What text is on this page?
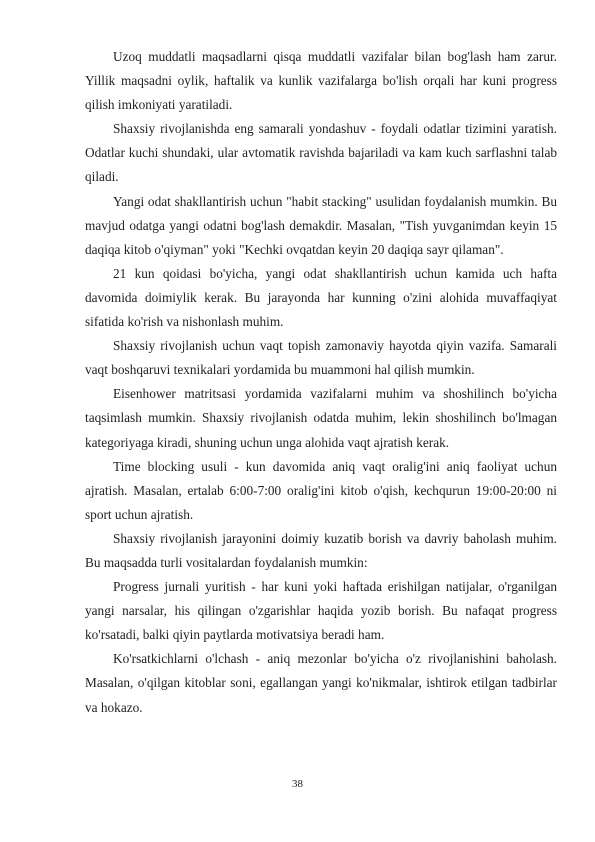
Uzoq muddatli maqsadlarni qisqa muddatli vazifalar bilan bog'lash ham zarur. Yillik maqsadni oylik, haftalik va kunlik vazifalarga bo'lish orqali har kuni progress qilish imkoniyati yaratiladi.

Shaxsiy rivojlanishda eng samarali yondashuv - foydali odatlar tizimini yaratish. Odatlar kuchi shundaki, ular avtomatik ravishda bajariladi va kam kuch sarflashni talab qiladi.

Yangi odat shakllantirish uchun "habit stacking" usulidan foydalanish mumkin. Bu mavjud odatga yangi odatni bog'lash demakdir. Masalan, "Tish yuvganimdan keyin 15 daqiqa kitob o'qiyman" yoki "Kechki ovqatdan keyin 20 daqiqa sayr qilaman".

21 kun qoidasi bo'yicha, yangi odat shakllantirish uchun kamida uch hafta davomida doimiylik kerak. Bu jarayonda har kunning o'zini alohida muvaffaqiyat sifatida ko'rish va nishonlash muhim.

Shaxsiy rivojlanish uchun vaqt topish zamonaviy hayotda qiyin vazifa. Samarali vaqt boshqaruvi texnikalari yordamida bu muammoni hal qilish mumkin.

Eisenhower matritsasi yordamida vazifalarni muhim va shoshilinch bo'yicha taqsimlash mumkin. Shaxsiy rivojlanish odatda muhim, lekin shoshilinch bo'lmagan kategoriyaga kiradi, shuning uchun unga alohida vaqt ajratish kerak.

Time blocking usuli - kun davomida aniq vaqt oralig'ini aniq faoliyat uchun ajratish. Masalan, ertalab 6:00-7:00 oralig'ini kitob o'qish, kechqurun 19:00-20:00 ni sport uchun ajratish.

Shaxsiy rivojlanish jarayonini doimiy kuzatib borish va davriy baholash muhim. Bu maqsadda turli vositalardan foydalanish mumkin:

Progress jurnali yuritish - har kuni yoki haftada erishilgan natijalar, o'rganilgan yangi narsalar, his qilingan o'zgarishlar haqida yozib borish. Bu nafaqat progress ko'rsatadi, balki qiyin paytlarda motivatsiya beradi ham.

Ko'rsatkichlarni o'lchash - aniq mezonlar bo'yicha o'z rivojlanishini baholash. Masalan, o'qilgan kitoblar soni, egallangan yangi ko'nikmalar, ishtirok etilgan tadbirlar va hokazo.

38
